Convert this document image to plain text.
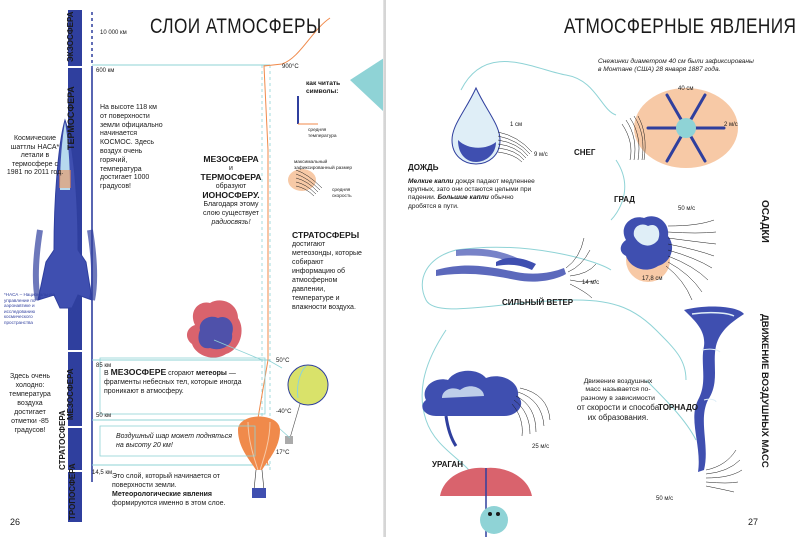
СЛОИ АТМОСФЕРЫ
ЭКЗОСФЕРА
ТЕРМОСФЕРА
МЕЗОСФЕРА
СТРАТОСФЕРА
ТРОПОСФЕРА
10 000 км
600 км
85 км
50 км
14,5 км
900°C
50°C
-40°C
17°C
Космические шаттлы НАСА* летали в термосфере с 1981 по 2011 год.
*НАСА – Национальное управление по аэронавтике и исследованию космического пространства
На высоте 118 км от поверхности земли официально начинается КОСМОС. Здесь воздух очень горячий, температура достигает 1000 градусов!
МЕЗОСФЕРА
и
ТЕРМОСФЕРА
образуют
ИОНОСФЕРУ.
Благодаря этому слою существует
радиосвязь!
как читать символы:
средняя температура
максимальный зафиксированный размер
средняя скорость
СТРАТОСФЕРЫ
достигают метеозонды, которые собирают информацию об атмосферном давлении, температуре и влажности воздуха.
Здесь очень холодно: температура воздуха достигает отметки -85 градусов!
В МЕЗОСФЕРЕ сгорают метеоры — фрагменты небесных тел, которые иногда проникают в атмосферу.
Воздушный шар может подняться на высоту 20 км!
Это слой, который начинается от поверхности земли.
Метеорологические явления
формируются именно в этом слое.
26
АТМОСФЕРНЫЕ ЯВЛЕНИЯ
Снежинки диаметром 40 см были зафиксированы в Монтане (США) 28 января 1887 года.
40 см
2 м/с
СНЕГ
1 см
9 м/с
ДОЖДЬ
Мелкие капли дождя падают медленнее крупных, зато они остаются целыми при падении. Большие капли обычно дробятся в пути.
ГРАД
50 м/с
17,8 см
ОСАДКИ
14 м/с
СИЛЬНЫЙ ВЕТЕР
ДВИЖЕНИЕ ВОЗДУШНЫХ МАСС
Движение воздушных масс называется по-разному в зависимости
от скорости и способа их образования.
ТОРНАДО
50 м/с
25 м/с
УРАГАН
27
